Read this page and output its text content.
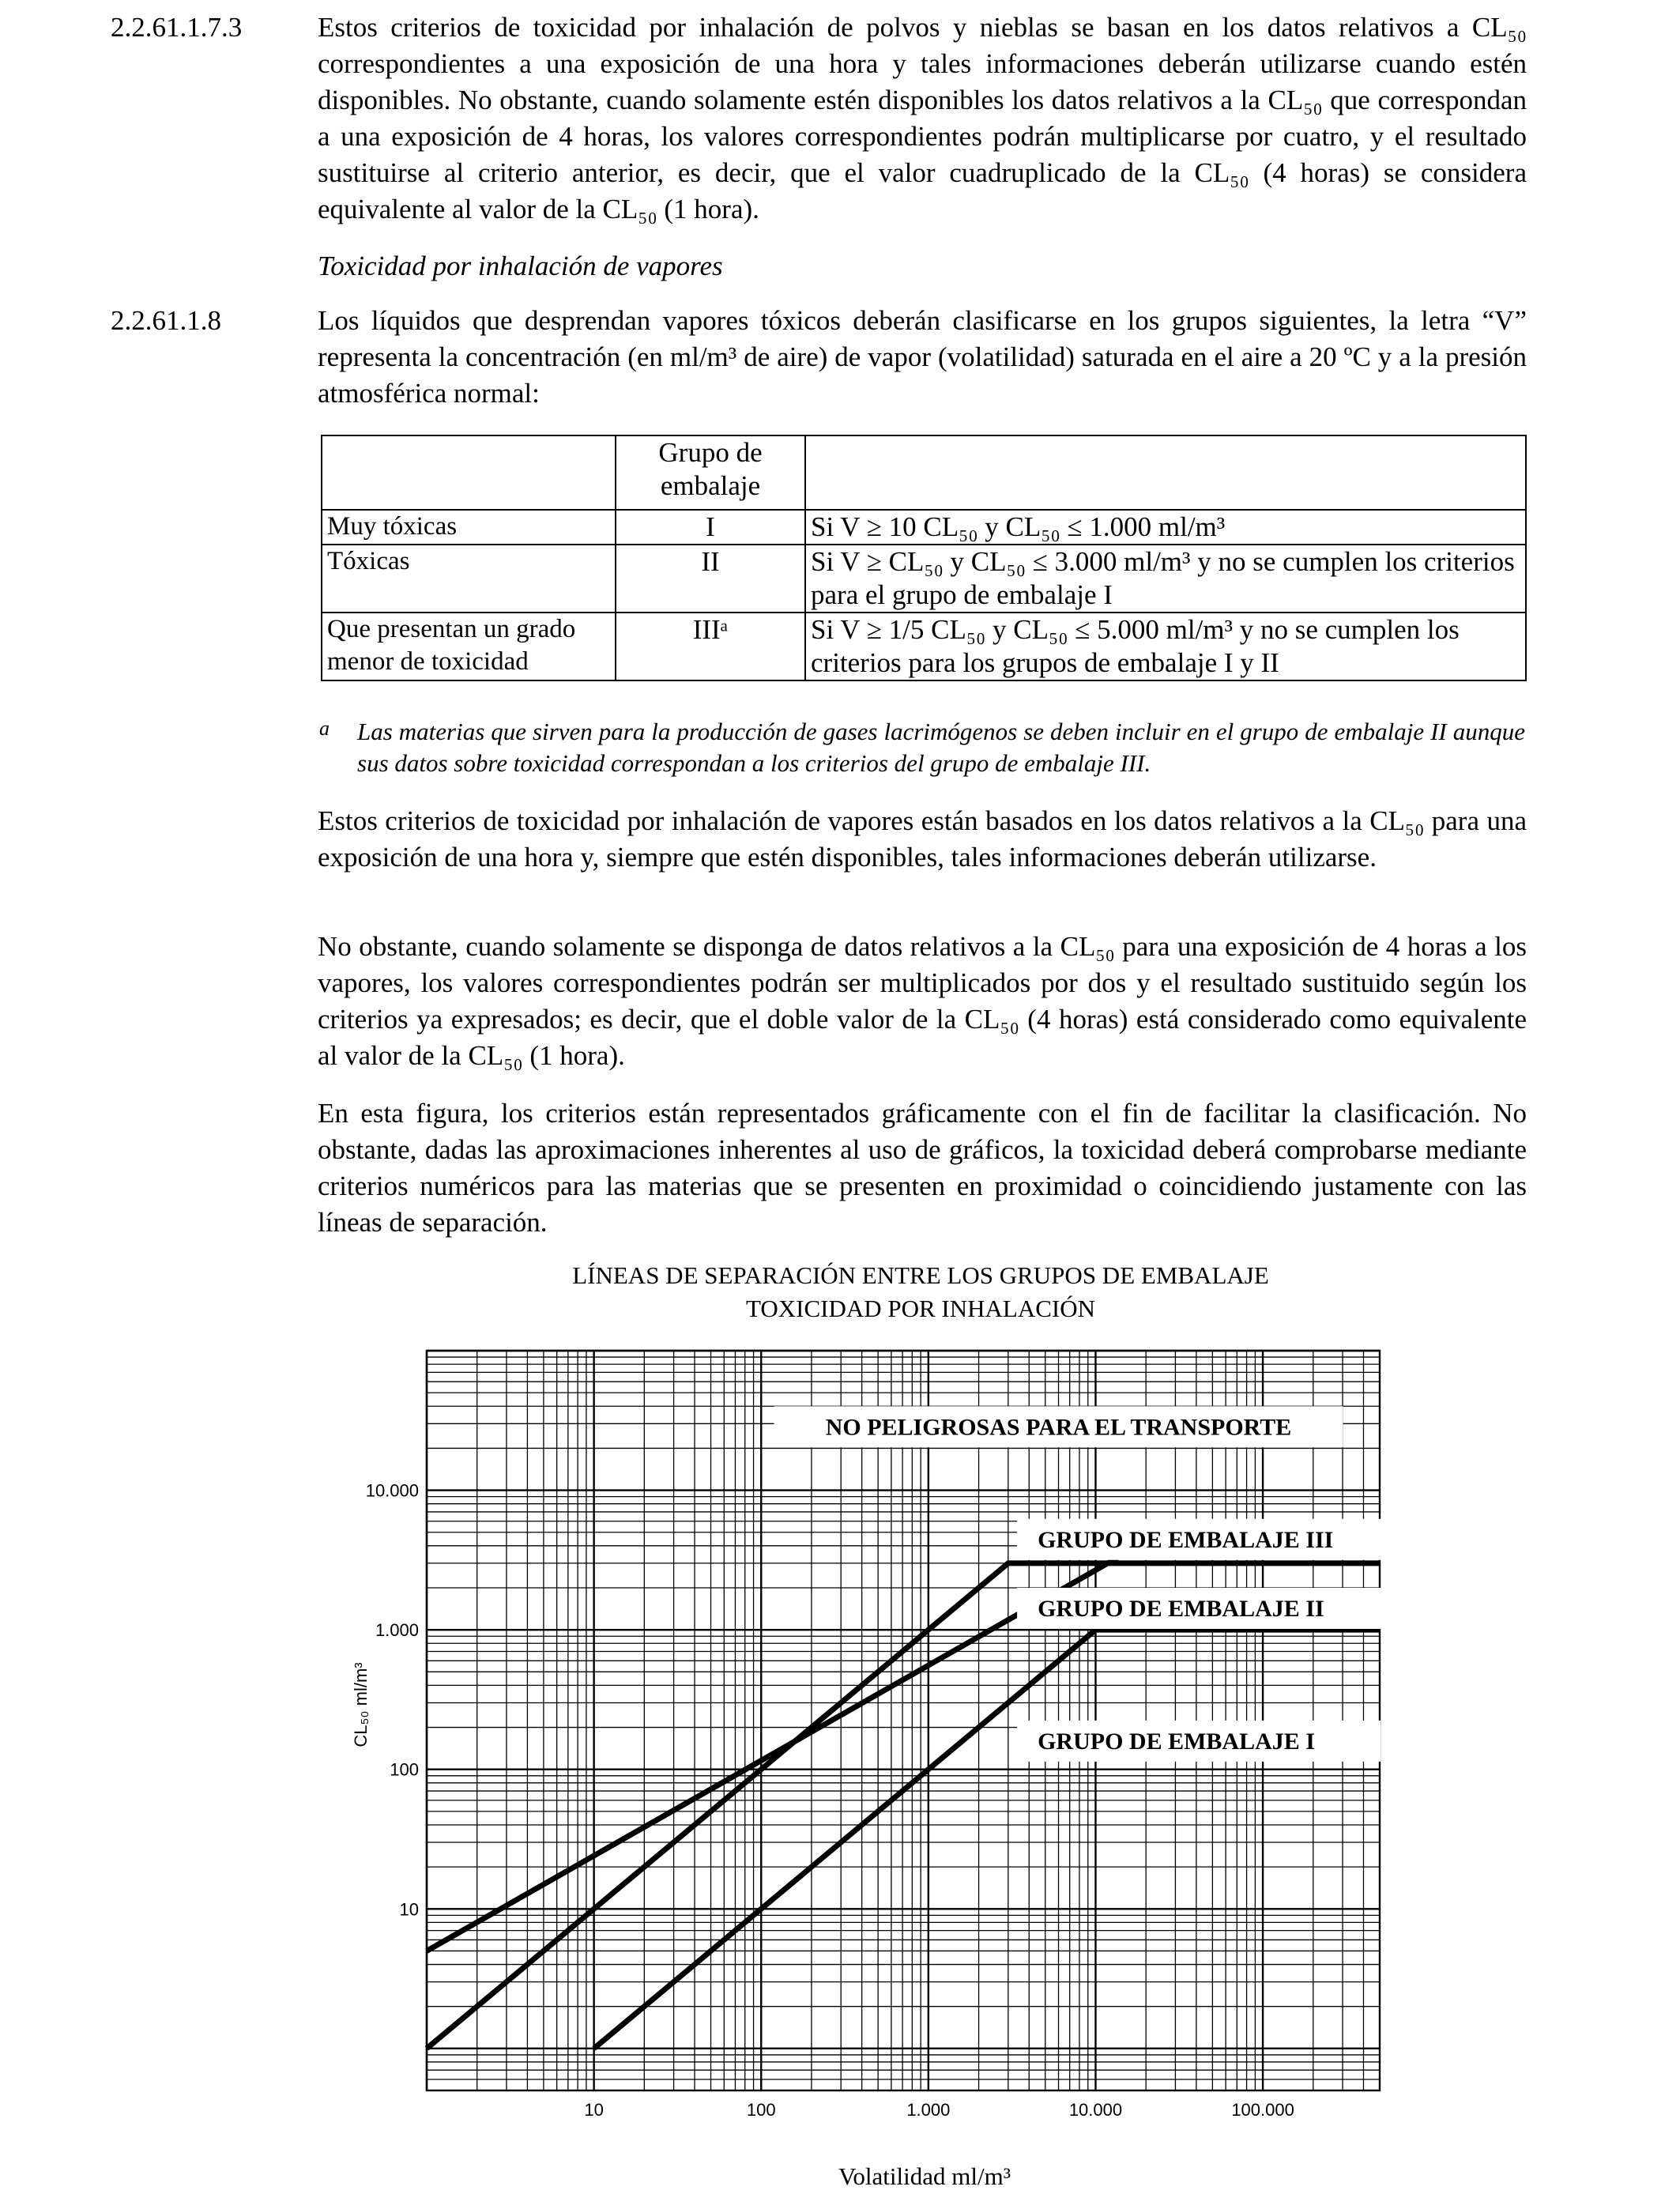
2.2.61.1.7.3	Estos criterios de toxicidad por inhalación de polvos y nieblas se basan en los datos relativos a CL₅₀ correspondientes a una exposición de una hora y tales informaciones deberán utilizarse cuando estén disponibles. No obstante, cuando solamente estén disponibles los datos relativos a la CL₅₀ que correspondan a una exposición de 4 horas, los valores correspondientes podrán multiplicarse por cuatro, y el resultado sustituirse al criterio anterior, es decir, que el valor cuadruplicado de la CL₅₀ (4 horas) se considera equivalente al valor de la CL₅₀ (1 hora).

Toxicidad por inhalación de vapores

2.2.61.1.8	Los líquidos que desprendan vapores tóxicos deberán clasificarse en los grupos siguientes, la letra “V” representa la concentración (en ml/m³ de aire) de vapor (volatilidad) saturada en el aire a 20 ºC y a la presión atmosférica normal:

	Grupo de embalaje	
Muy tóxicas	I	Si V ≥ 10 CL₅₀ y CL₅₀ ≤ 1.000 ml/m³
Tóxicas	II	Si V ≥ CL₅₀ y CL₅₀ ≤ 3.000 ml/m³ y no se cumplen los criterios para el grupo de embalaje I
Que presentan un grado menor de toxicidad	IIIᵃ	Si V ≥ 1/5 CL₅₀ y CL₅₀ ≤ 5.000 ml/m³ y no se cumplen los criterios para los grupos de embalaje I y II
a Las materias que sirven para la producción de gases lacrimógenos se deben incluir en el grupo de embalaje II aunque sus datos sobre toxicidad correspondan a los criterios del grupo de embalaje III.

Estos criterios de toxicidad por inhalación de vapores están basados en los datos relativos a la CL₅₀ para una exposición de una hora y, siempre que estén disponibles, tales informaciones deberán utilizarse.

No obstante, cuando solamente se disponga de datos relativos a la CL₅₀ para una exposición de 4 horas a los vapores, los valores correspondientes podrán ser multiplicados por dos y el resultado sustituido según los criterios ya expresados; es decir, que el doble valor de la CL₅₀ (4 horas) está considerado como equivalente al valor de la CL₅₀ (1 hora).

En esta figura, los criterios están representados gráficamente con el fin de facilitar la clasificación. No obstante, dadas las aproximaciones inherentes al uso de gráficos, la toxicidad deberá comprobarse mediante criterios numéricos para las materias que se presenten en proximidad o coincidiendo justamente con las líneas de separación.

LÍNEAS DE SEPARACIÓN ENTRE LOS GRUPOS DE EMBALAJE
TOXICIDAD POR INHALACIÓN
NO PELIGROSAS PARA EL TRANSPORTE
GRUPO DE EMBALAJE III
GRUPO DE EMBALAJE II
GRUPO DE EMBALAJE I
10	100	1.000	10.000	100.000
10
100
1.000
10.000
CL₅₀ ml/m³
Volatilidad ml/m³
